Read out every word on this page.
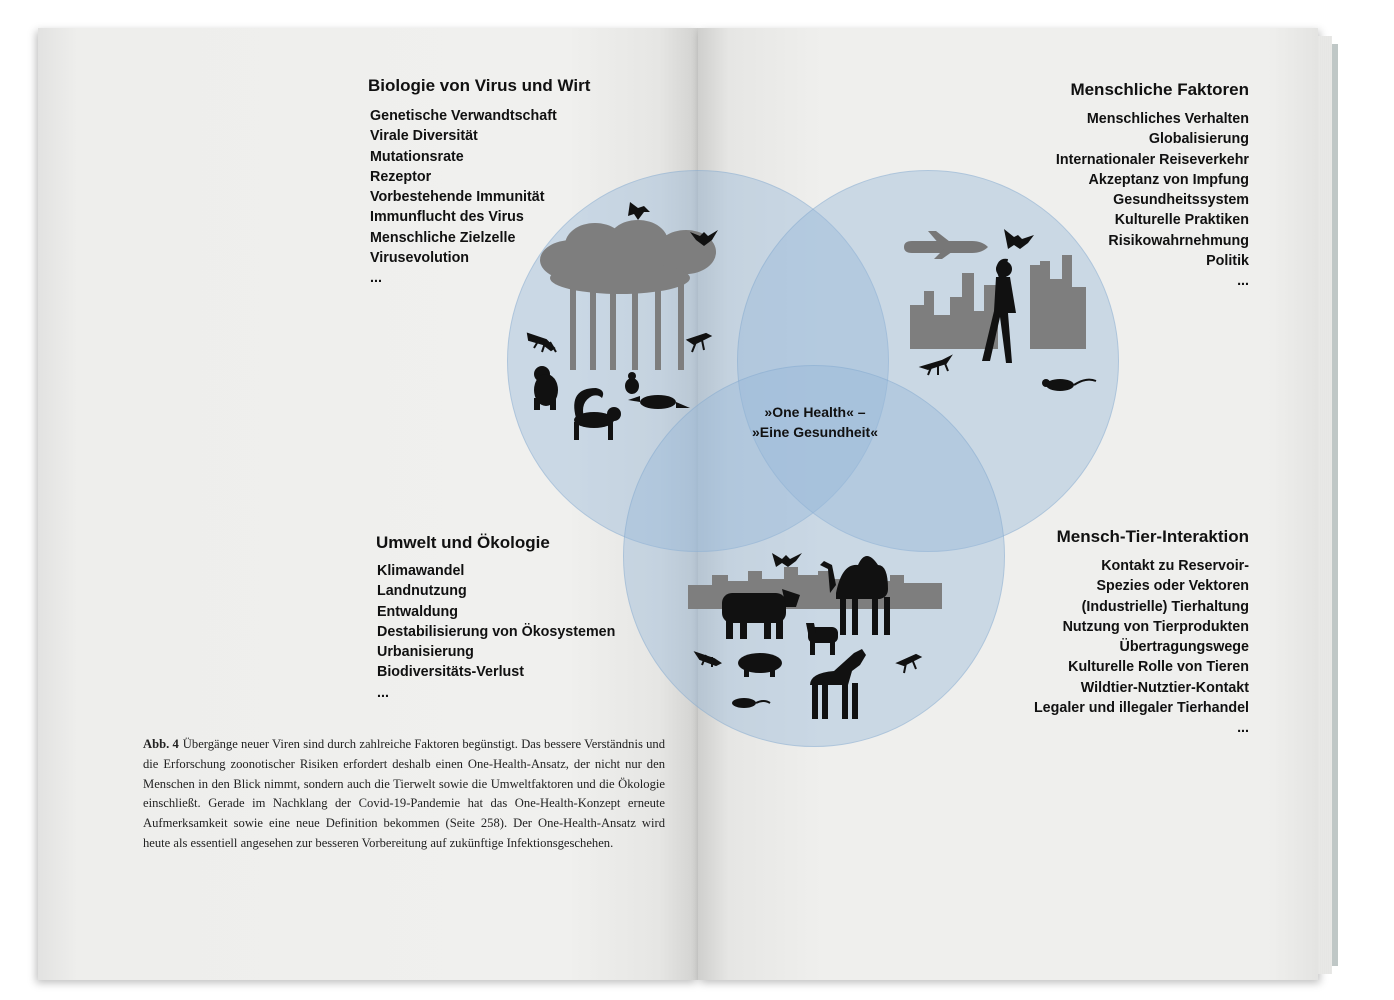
Biologie von Virus und Wirt
Genetische Verwandtschaft
Virale Diversität
Mutationsrate
Rezeptor
Vorbestehende Immunität
Immunflucht des Virus
Menschliche Zielzelle
Virusevolution
...
Menschliche Faktoren
Menschliches Verhalten
Globalisierung
Internationaler Reiseverkehr
Akzeptanz von Impfung
Gesundheitssystem
Kulturelle Praktiken
Risikowahrnehmung
Politik
...
Umwelt und Ökologie
Klimawandel
Landnutzung
Entwaldung
Destabilisierung von Ökosystemen
Urbanisierung
Biodiversitäts-Verlust
...
Mensch-Tier-Interaktion
Kontakt zu Reservoir-
Spezies oder Vektoren
(Industrielle) Tierhaltung
Nutzung von Tierprodukten
Übertragungswege
Kulturelle Rolle von Tieren
Wildtier-Nutztier-Kontakt
Legaler und illegaler Tierhandel
...
»One Health« –
»Eine Gesundheit«

Abb. 4 Übergänge neuer Viren sind durch zahlreiche Faktoren begünstigt. Das bessere Verständnis und die Erforschung zoonotischer Risiken erfordert deshalb einen One-Health-Ansatz, der nicht nur den Menschen in den Blick nimmt, sondern auch die Tierwelt sowie die Umweltfaktoren und die Ökologie einschließt. Gerade im Nachklang der Covid-19-Pandemie hat das One-Health-Konzept erneute Aufmerksamkeit sowie eine neue Definition bekommen (Seite 258). Der One-Health-Ansatz wird heute als essentiell angesehen zur besseren Vorbereitung auf zukünftige Infektionsgeschehen.
